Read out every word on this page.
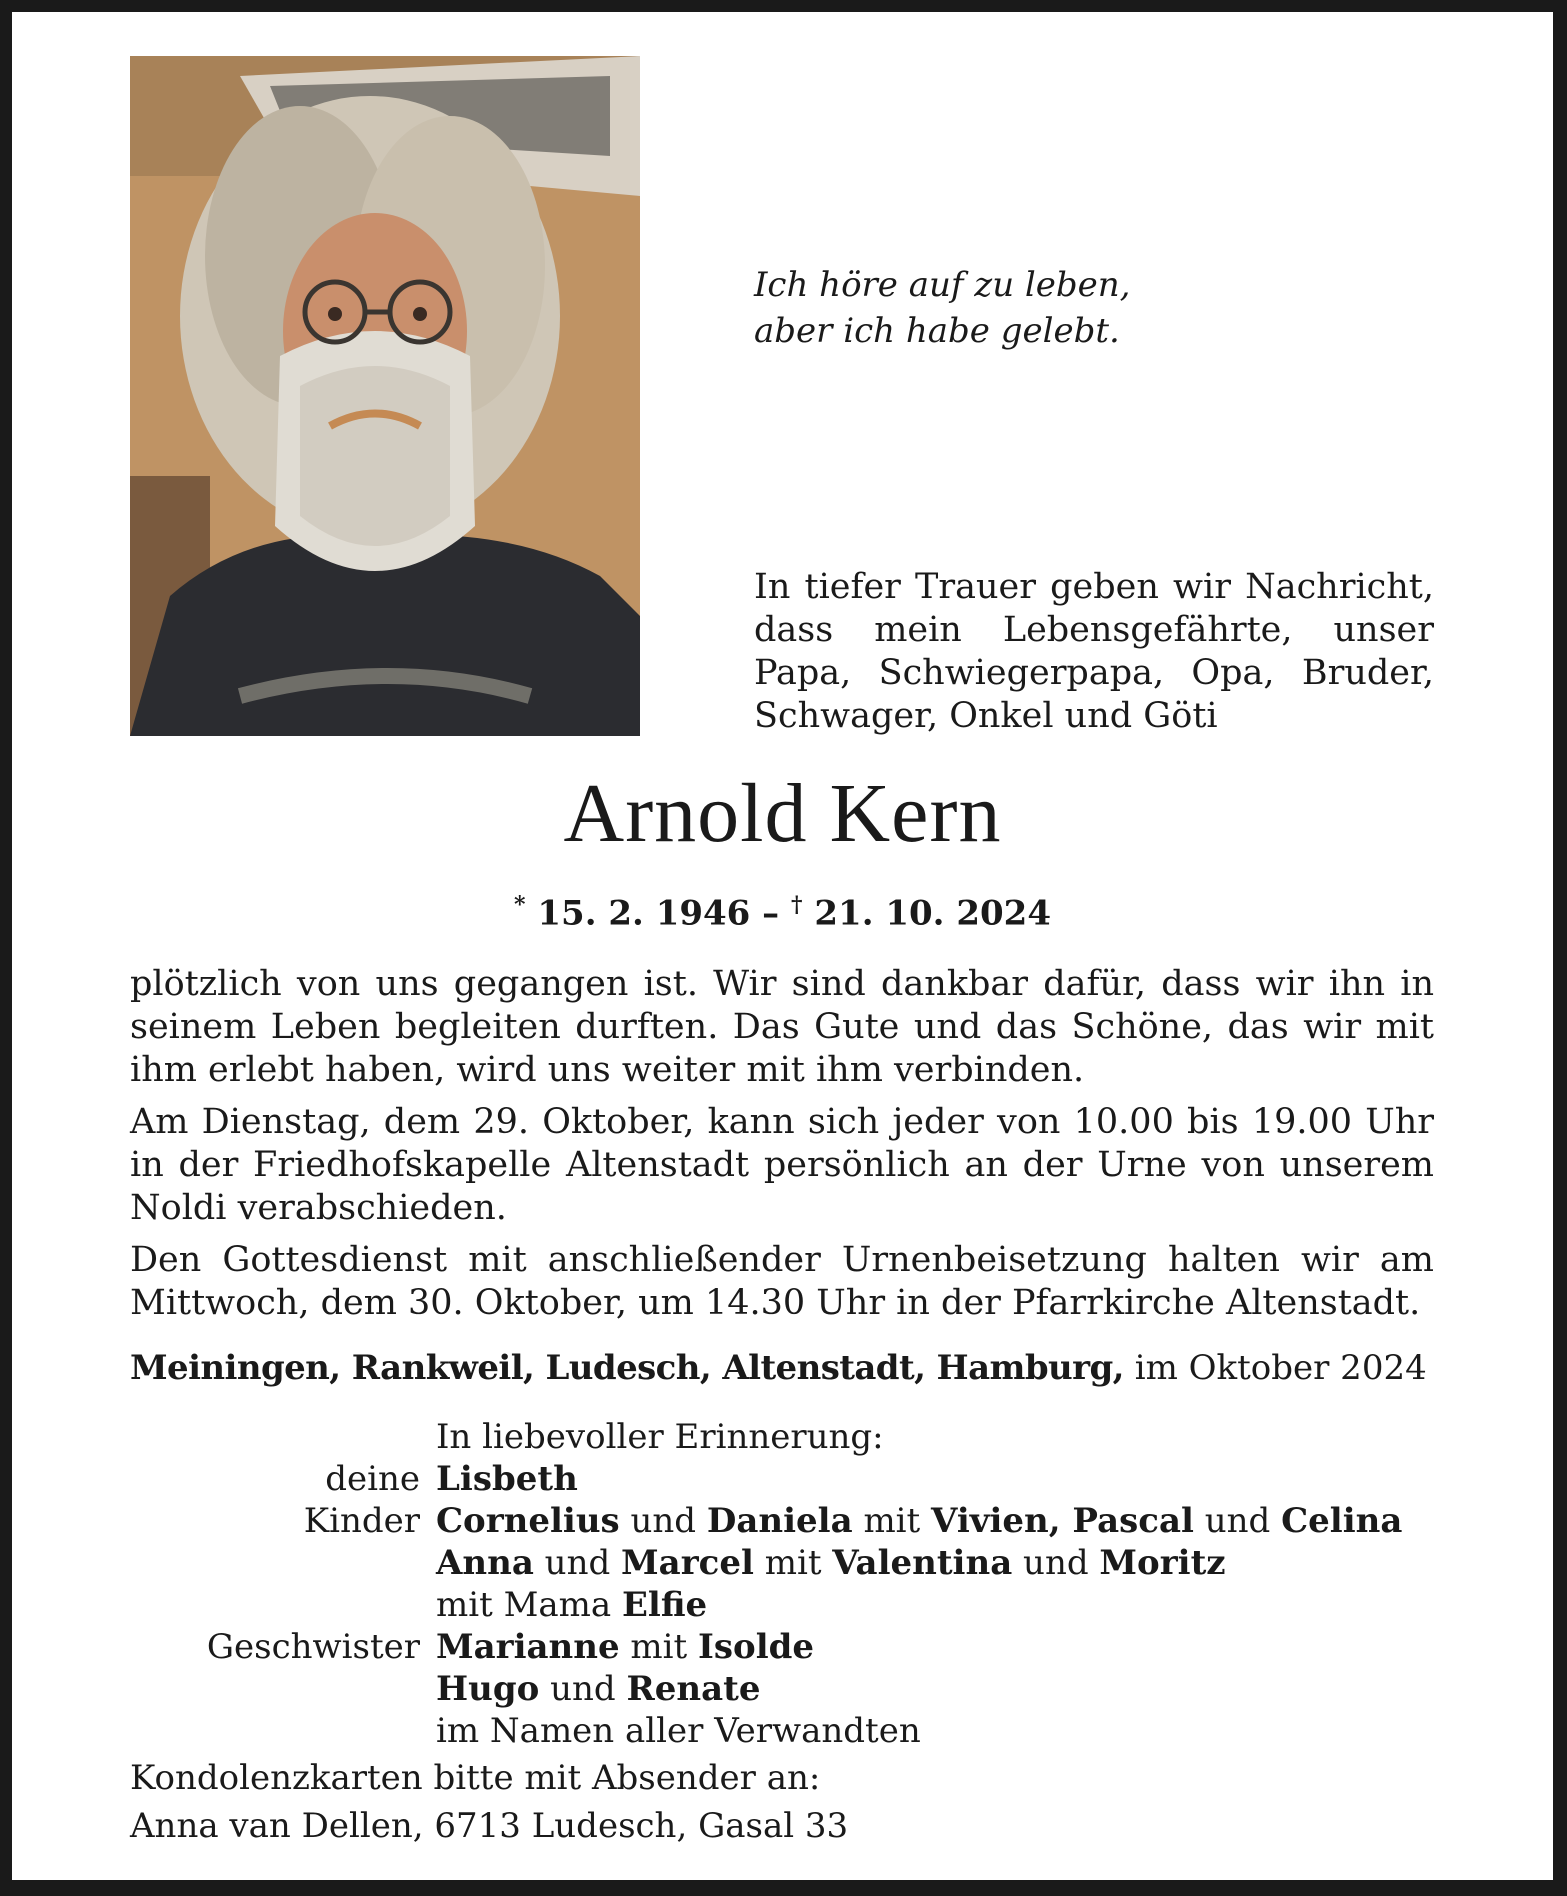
Ich höre auf zu leben,
aber ich habe gelebt.
In tiefer Trauer geben wir Nachricht, dass mein Lebensgefährte, unser Papa, Schwiegerpapa, Opa, Bruder, Schwager, Onkel und Göti
Arnold Kern
* 15. 2. 1946 – † 21. 10. 2024

plötzlich von uns gegangen ist. Wir sind dankbar dafür, dass wir ihn in seinem Leben begleiten durften. Das Gute und das Schöne, das wir mit ihm erlebt haben, wird uns weiter mit ihm verbinden.

Am Dienstag, dem 29. Oktober, kann sich jeder von 10.00 bis 19.00 Uhr in der Friedhofskapelle Altenstadt persönlich an der Urne von unserem Noldi verabschieden.

Den Gottesdienst mit anschließender Urnenbeisetzung halten wir am Mittwoch, dem 30. Oktober, um 14.30 Uhr in der Pfarrkirche Altenstadt.

Meiningen, Rankweil, Ludesch, Altenstadt, Hamburg, im Oktober 2024
In liebevoller Erinnerung:
deine Lisbeth
Kinder Cornelius und Daniela mit Vivien, Pascal und Celina
Anna und Marcel mit Valentina und Moritz
mit Mama Elfie
Geschwister Marianne mit Isolde
Hugo und Renate
im Namen aller Verwandten
Kondolenzkarten bitte mit Absender an:
Anna van Dellen, 6713 Ludesch, Gasal 33
